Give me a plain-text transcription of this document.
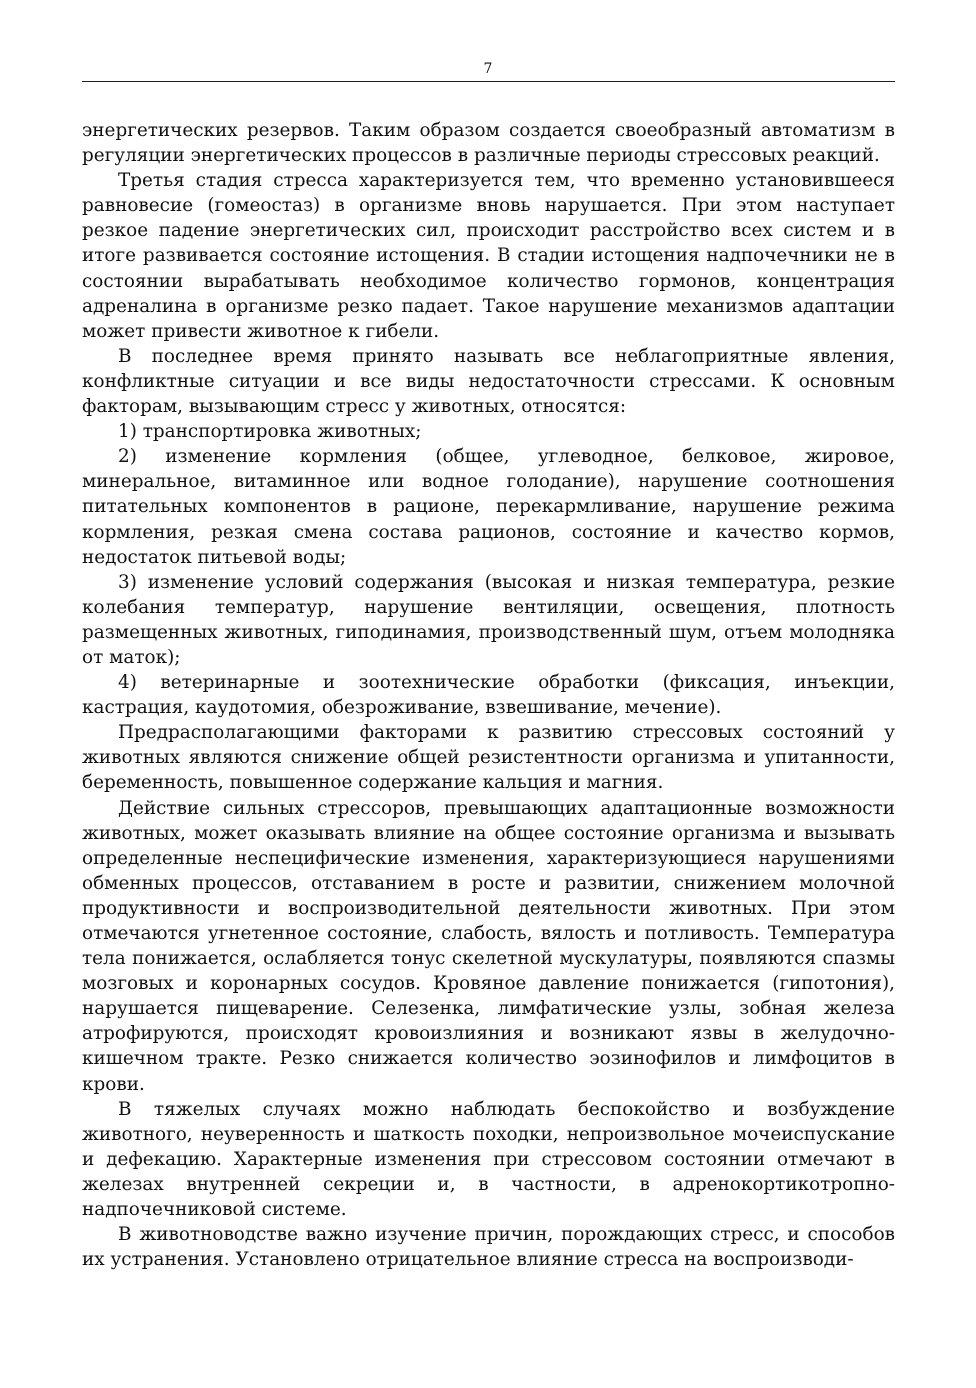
7

энергетических резервов. Таким образом создается своеобразный автоматизм в регуляции энергетических процессов в различные периоды стрессовых реакций.

Третья стадия стресса характеризуется тем, что временно установившееся равновесие (гомеостаз) в организме вновь нарушается. При этом наступает резкое падение энергетических сил, происходит расстройство всех систем и в итоге развивается состояние истощения. В стадии истощения надпочечники не в состоянии вырабатывать необходимое количество гормонов, концентрация адреналина в организме резко падает. Такое нарушение механизмов адаптации может привести животное к гибели.

В последнее время принято называть все неблагоприятные явления, конфликтные ситуации и все виды недостаточности стрессами. К основным факторам, вызывающим стресс у животных, относятся:

1) транспортировка животных;

2) изменение кормления (общее, углеводное, белковое, жировое, минеральное, витаминное или водное голодание), нарушение соотношения питательных компонентов в рационе, перекармливание, нарушение режима кормления, резкая смена состава рационов, состояние и качество кормов, недостаток питьевой воды;

3) изменение условий содержания (высокая и низкая температура, резкие колебания температур, нарушение вентиляции, освещения, плотность размещенных животных, гиподинамия, производственный шум, отъем молодняка от маток);

4) ветеринарные и зоотехнические обработки (фиксация, инъекции, кастрация, каудотомия, обезроживание, взвешивание, мечение).

Предрасполагающими факторами к развитию стрессовых состояний у животных являются снижение общей резистентности организма и упитанности, беременность, повышенное содержание кальция и магния.

Действие сильных стрессоров, превышающих адаптационные возможности животных, может оказывать влияние на общее состояние организма и вызывать определенные неспецифические изменения, характеризующиеся нарушениями обменных процессов, отставанием в росте и развитии, снижением молочной продуктивности и воспроизводительной деятельности животных. При этом отмечаются угнетенное состояние, слабость, вялость и потливость. Температура тела понижается, ослабляется тонус скелетной мускулатуры, появляются спазмы мозговых и коронарных сосудов. Кровяное давление понижается (гипотония), нарушается пищеварение. Селезенка, лимфатические узлы, зобная железа атрофируются, происходят кровоизлияния и возникают язвы в желудочно-кишечном тракте. Резко снижается количество эозинофилов и лимфоцитов в крови.

В тяжелых случаях можно наблюдать беспокойство и возбуждение животного, неуверенность и шаткость походки, непроизвольное мочеиспускание и дефекацию. Характерные изменения при стрессовом состоянии отмечают в железах внутренней секреции и, в частности, в адренокортикотропно-надпочечниковой системе.

В животноводстве важно изучение причин, порождающих стресс, и способов их устранения. Установлено отрицательное влияние стресса на воспроизводи-
